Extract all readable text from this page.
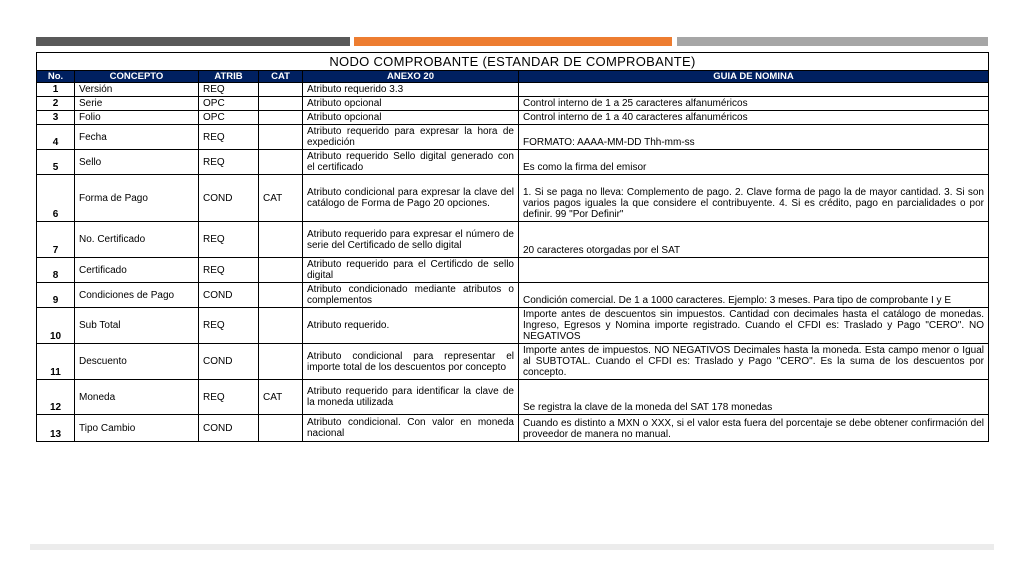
NODO COMPROBANTE (ESTANDAR DE COMPROBANTE)					
No.	CONCEPTO	ATRIB	CAT	ANEXO 20	GUIA DE NOMINA
1	Versión	REQ		Atributo requerido 3.3	
2	Serie	OPC		Atributo opcional	Control interno de 1 a 25 caracteres alfanuméricos
3	Folio	OPC		Atributo opcional	Control interno de 1 a 40 caracteres alfanuméricos
4	Fecha	REQ		Atributo requerido para expresar la hora de expedición	FORMATO: AAAA-MM-DD Thh-mm-ss
5	Sello	REQ		Atributo requerido Sello digital generado con el certificado	Es como la firma del emisor
6	Forma de Pago	COND	CAT	Atributo condicional para expresar la clave del catálogo de Forma de Pago 20 opciones.	1. Si se paga no lleva: Complemento de pago. 2. Clave forma de pago la de mayor cantidad. 3. Si son varios pagos iguales la que considere el contribuyente. 4. Si es crédito, pago en parcialidades o por definir. 99 "Por Definir"
7	No. Certificado	REQ		Atributo requerido para expresar el número de serie del Certificado de sello digital	20 caracteres otorgadas por el SAT
8	Certificado	REQ		Atributo requerido para el Certificdo de sello digital	
9	Condiciones de Pago	COND		Atributo condicionado mediante atributos o complementos	Condición comercial. De 1 a 1000 caracteres. Ejemplo: 3 meses. Para tipo de comprobante I y E
10	Sub Total	REQ		Atributo requerido.	Importe antes de descuentos sin impuestos. Cantidad con decimales hasta el catálogo de monedas. Ingreso, Egresos y Nomina importe registrado. Cuando el CFDI es: Traslado y Pago "CERO". NO NEGATIVOS
11	Descuento	COND		Atributo condicional para representar el importe total de los descuentos por concepto	Importe antes de impuestos. NO NEGATIVOS Decimales hasta la moneda. Esta campo menor o Igual al SUBTOTAL. Cuando el CFDI es: Traslado y Pago "CERO". Es la suma de los descuentos por concepto.
12	Moneda	REQ	CAT	Atributo requerido para identificar la clave de la moneda utilizada	Se registra la clave de la moneda del SAT 178 monedas
13	Tipo Cambio	COND		Atributo condicional. Con valor en moneda nacional	Cuando es distinto a MXN o XXX, si el valor esta fuera del porcentaje se debe obtener confirmación del proveedor de manera no manual.
